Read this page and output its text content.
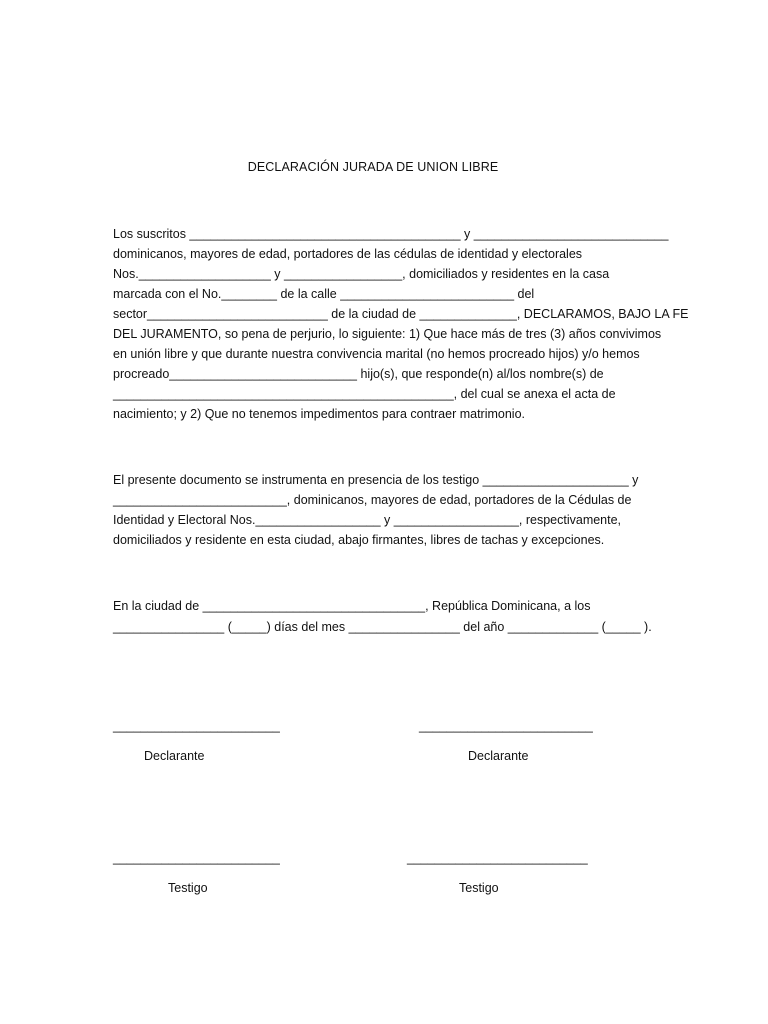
DECLARACIÓN JURADA DE UNION LIBRE
Los suscritos _______________________________________ y ____________________________
dominicanos, mayores de edad, portadores de las cédulas de identidad y electorales
Nos.___________________ y _________________, domiciliados y residentes en la casa
marcada con el No.________ de la calle _________________________ del
sector__________________________ de la ciudad de ______________, DECLARAMOS, BAJO LA FE
DEL JURAMENTO, so pena de perjurio, lo siguiente: 1) Que hace más de tres (3) años convivimos
en unión libre y que durante nuestra convivencia marital (no hemos procreado hijos) y/o hemos
procreado___________________________ hijo(s), que responde(n) al/los nombre(s) de
_________________________________________________, del cual se anexa el acta de
nacimiento; y 2) Que no tenemos impedimentos para contraer matrimonio.
El presente documento se instrumenta en presencia de los testigo _____________________ y
_________________________, dominicanos, mayores de edad, portadores de la Cédulas de
Identidad y Electoral Nos.__________________ y __________________, respectivamente,
domiciliados y residente en esta ciudad, abajo firmantes, libres de tachas y excepciones.
En la ciudad de ________________________________, República Dominicana, a los
________________ (_____) días del mes ________________ del año _____________ (_____ ).
________________________	_________________________
Declarante	Declarante
________________________	__________________________
Testigo	Testigo
